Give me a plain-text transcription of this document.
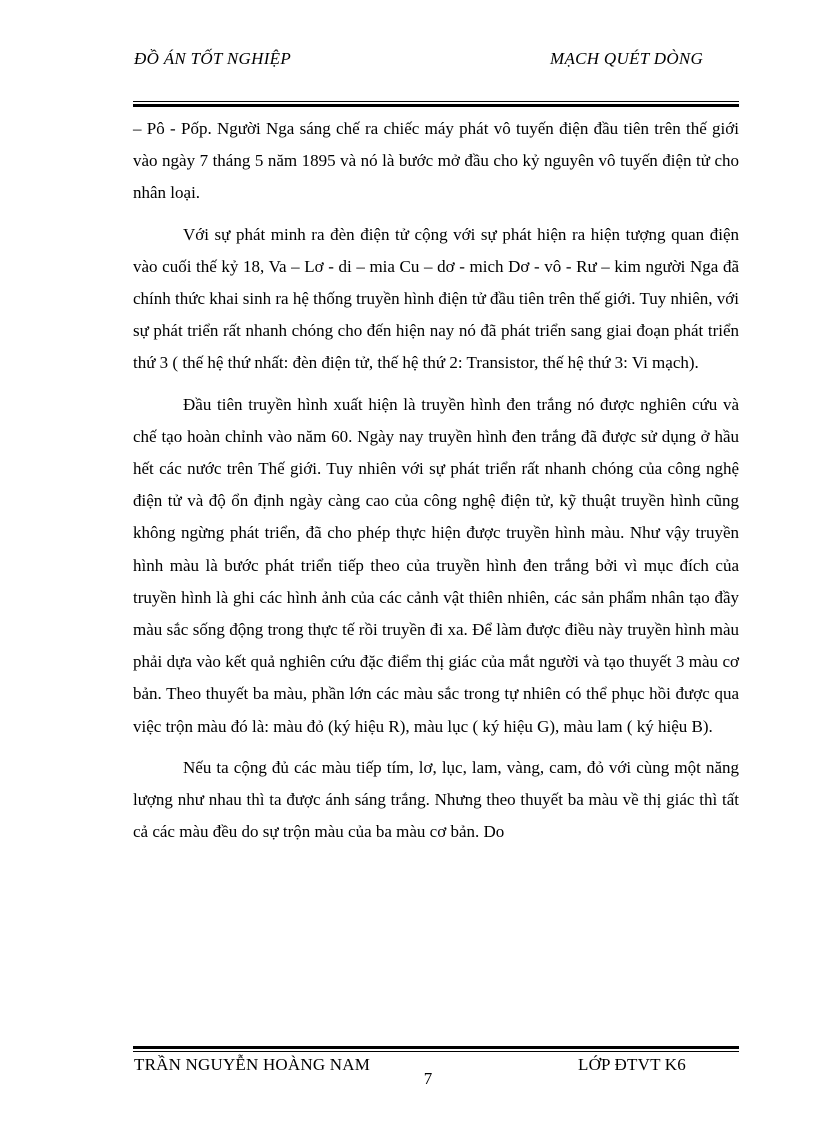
ĐỒ ÁN TỐT NGHIỆP	MẠCH QUÉT DÒNG

– Pô - Pốp. Người Nga sáng chế ra chiếc máy phát vô tuyến điện đầu tiên trên thế giới vào ngày 7 tháng 5 năm 1895 và nó là bước mở đầu cho kỷ nguyên vô tuyến điện tử cho nhân loại.

Với sự phát minh ra đèn điện tử cộng với sự phát hiện ra hiện tượng quan điện vào cuối thế kỷ 18, Va – Lơ - di – mia Cu – dơ - mich Dơ - vô - Rư – kim người Nga đã chính thức khai sinh ra hệ thống truyền hình điện tử đầu tiên trên thế giới. Tuy nhiên, với sự phát triển rất nhanh chóng cho đến hiện nay nó đã phát triển sang giai đoạn phát triển thứ 3 ( thế hệ thứ nhất: đèn điện tử, thế hệ thứ 2: Transistor, thế hệ thứ 3: Vi mạch).

Đầu tiên truyền hình xuất hiện là truyền hình đen trắng nó được nghiên cứu và chế tạo hoàn chỉnh vào năm 60. Ngày nay truyền hình đen trắng đã được sử dụng ở hầu hết các nước trên Thế giới. Tuy nhiên với sự phát triển rất nhanh chóng của công nghệ điện tử và độ ổn định ngày càng cao của công nghệ điện tử, kỹ thuật truyền hình cũng không ngừng phát triển, đã cho phép thực hiện được truyền hình màu. Như vậy truyền hình màu là bước phát triển tiếp theo của truyền hình đen trắng bởi vì mục đích của truyền hình là ghi các hình ảnh của các cảnh vật thiên nhiên, các sản phẩm nhân tạo đầy màu sắc sống động trong thực tế rồi truyền đi xa. Để làm được điều này truyền hình màu phải dựa vào kết quả nghiên cứu đặc điểm thị giác của mắt người và tạo thuyết 3 màu cơ bản. Theo thuyết ba màu, phần lớn các màu sắc trong tự nhiên có thể phục hồi được qua việc trộn màu đó là: màu đỏ (ký hiệu R), màu lục ( ký hiệu G), màu lam ( ký hiệu B).

Nếu ta cộng đủ các màu tiếp tím, lơ, lục, lam, vàng, cam, đỏ với cùng một năng lượng như nhau thì ta được ánh sáng trắng. Nhưng theo thuyết ba màu về thị giác thì tất cả các màu đều do sự trộn màu của ba màu cơ bản. Do

TRẦN NGUYỄN HOÀNG NAM	LỚP ĐTVT K6
7
